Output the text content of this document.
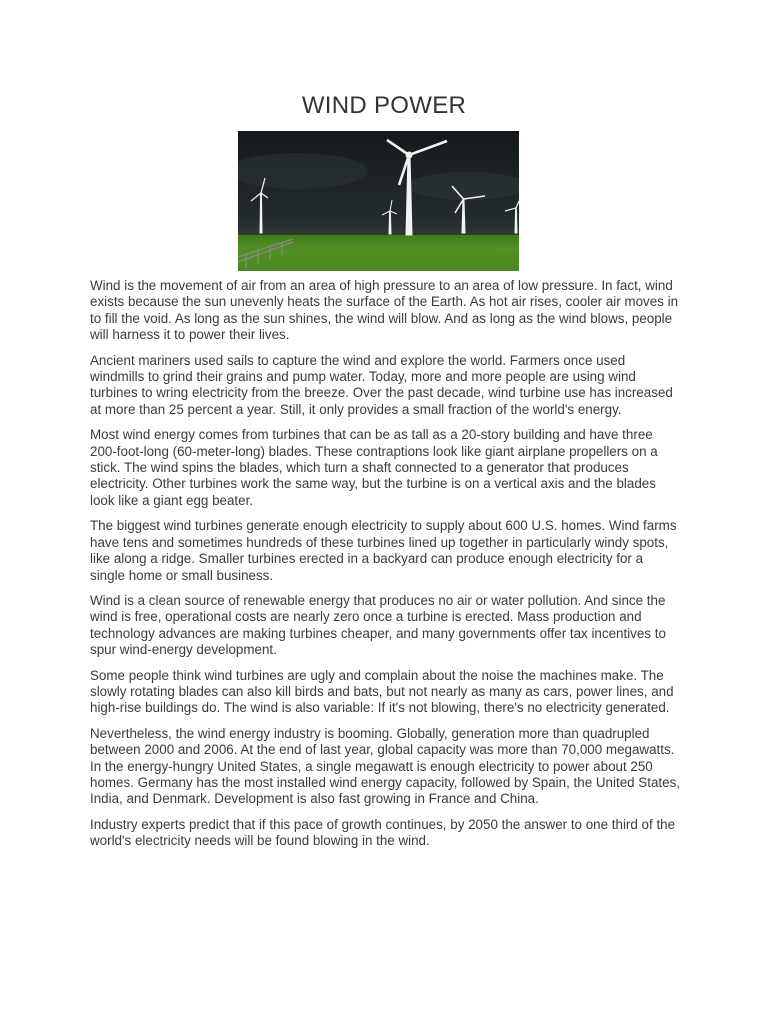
WIND POWER

Wind is the movement of air from an area of high pressure to an area of low pressure. In fact, wind exists because the sun unevenly heats the surface of the Earth. As hot air rises, cooler air moves in to fill the void. As long as the sun shines, the wind will blow. And as long as the wind blows, people will harness it to power their lives.

Ancient mariners used sails to capture the wind and explore the world. Farmers once used windmills to grind their grains and pump water. Today, more and more people are using wind turbines to wring electricity from the breeze. Over the past decade, wind turbine use has increased at more than 25 percent a year. Still, it only provides a small fraction of the world's energy.

Most wind energy comes from turbines that can be as tall as a 20-story building and have three 200-foot-long (60-meter-long) blades. These contraptions look like giant airplane propellers on a stick. The wind spins the blades, which turn a shaft connected to a generator that produces electricity. Other turbines work the same way, but the turbine is on a vertical axis and the blades look like a giant egg beater.

The biggest wind turbines generate enough electricity to supply about 600 U.S. homes. Wind farms have tens and sometimes hundreds of these turbines lined up together in particularly windy spots, like along a ridge. Smaller turbines erected in a backyard can produce enough electricity for a single home or small business.

Wind is a clean source of renewable energy that produces no air or water pollution. And since the wind is free, operational costs are nearly zero once a turbine is erected. Mass production and technology advances are making turbines cheaper, and many governments offer tax incentives to spur wind-energy development.

Some people think wind turbines are ugly and complain about the noise the machines make. The slowly rotating blades can also kill birds and bats, but not nearly as many as cars, power lines, and high-rise buildings do. The wind is also variable: If it's not blowing, there's no electricity generated.

Nevertheless, the wind energy industry is booming. Globally, generation more than quadrupled between 2000 and 2006. At the end of last year, global capacity was more than 70,000 megawatts. In the energy-hungry United States, a single megawatt is enough electricity to power about 250 homes. Germany has the most installed wind energy capacity, followed by Spain, the United States, India, and Denmark. Development is also fast growing in France and China.

Industry experts predict that if this pace of growth continues, by 2050 the answer to one third of the world's electricity needs will be found blowing in the wind.
